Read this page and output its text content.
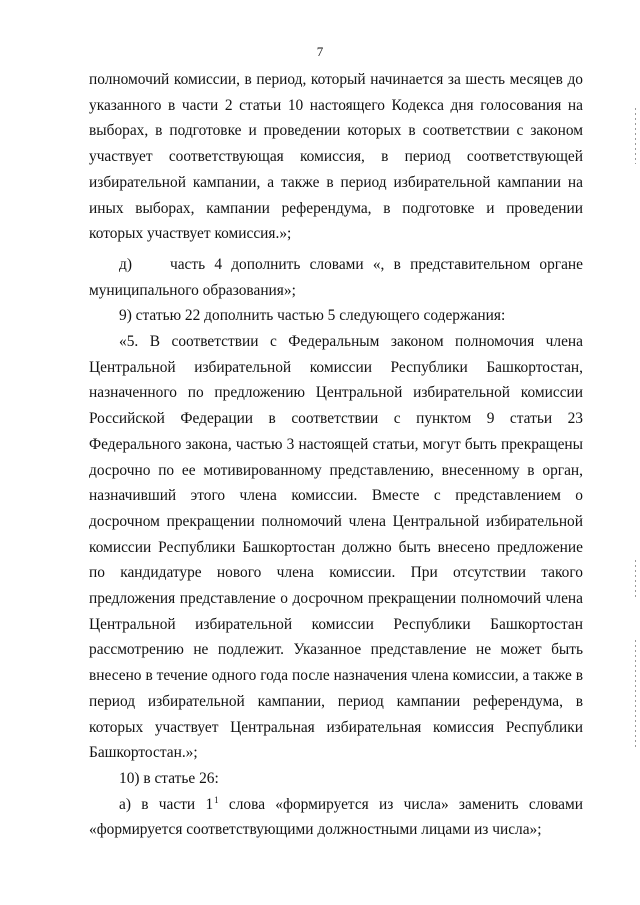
7

полномочий комиссии, в период, который начинается за шесть месяцев до указанного в части 2 статьи 10 настоящего Кодекса дня голосования на выборах, в подготовке и проведении которых в соответствии с законом участвует соответствующая комиссия, в период соответствующей избирательной кампании, а также в период избирательной кампании на иных выборах, кампании референдума, в подготовке и проведении которых участвует комиссия.»;

д) часть 4 дополнить словами «, в представительном органе муниципального образования»;

9) статью 22 дополнить частью 5 следующего содержания:

«5. В соответствии с Федеральным законом полномочия члена Центральной избирательной комиссии Республики Башкортостан, назначенного по предложению Центральной избирательной комиссии Российской Федерации в соответствии с пунктом 9 статьи 23 Федерального закона, частью 3 настоящей статьи, могут быть прекращены досрочно по ее мотивированному представлению, внесенному в орган, назначивший этого члена комиссии. Вместе с представлением о досрочном прекращении полномочий члена Центральной избирательной комиссии Республики Башкортостан должно быть внесено предложение по кандидатуре нового члена комиссии. При отсутствии такого предложения представление о досрочном прекращении полномочий члена Центральной избирательной комиссии Республики Башкортостан рассмотрению не подлежит. Указанное представление не может быть внесено в течение одного года после назначения члена комиссии, а также в период избирательной кампании, период кампании референдума, в которых участвует Центральная избирательная комиссия Республики Башкортостан.»;

10) в статье 26:

а) в части $1^1$ слова «формируется из числа» заменить словами «формируется соответствующими должностными лицами из числа»;
